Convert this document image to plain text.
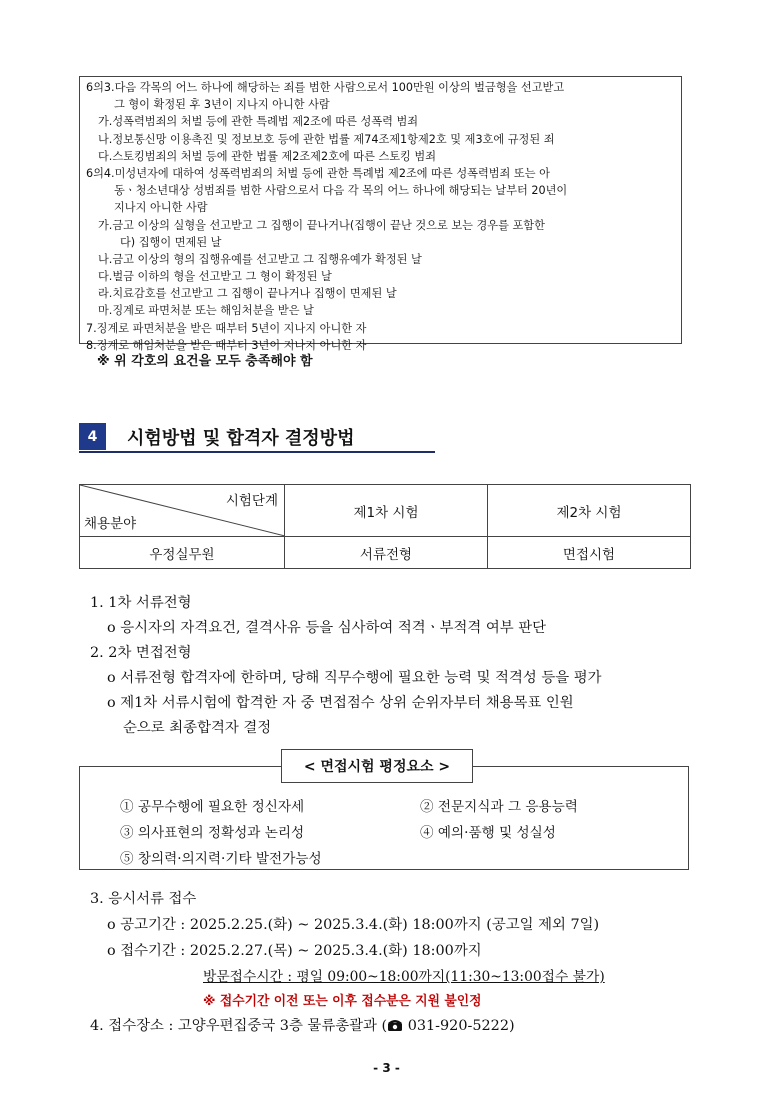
6의3.다음 각목의 어느 하나에 해당하는 죄를 범한 사람으로서 100만원 이상의 벌금형을 선고받고
그 형이 확정된 후 3년이 지나지 아니한 사람
가.성폭력범죄의 처벌 등에 관한 특례법 제2조에 따른 성폭력 범죄
나.정보통신망 이용촉진 및 정보보호 등에 관한 법률 제74조제1항제2호 및 제3호에 규정된 죄
다.스토킹범죄의 처벌 등에 관한 법률 제2조제2호에 따른 스토킹 범죄
6의4.미성년자에 대하여 성폭력범죄의 처벌 등에 관한 특례법 제2조에 따른 성폭력범죄 또는 아
동ㆍ청소년대상 성범죄를 범한 사람으로서 다음 각 목의 어느 하나에 해당되는 날부터 20년이
지나지 아니한 사람
가.금고 이상의 실형을 선고받고 그 집행이 끝나거나(집행이 끝난 것으로 보는 경우를 포함한
다) 집행이 면제된 날
나.금고 이상의 형의 집행유예를 선고받고 그 집행유예가 확정된 날
다.벌금 이하의 형을 선고받고 그 형이 확정된 날
라.치료감호를 선고받고 그 집행이 끝나거나 집행이 면제된 날
마.징계로 파면처분 또는 해임처분을 받은 날
7.징계로 파면처분을 받은 때부터 5년이 지나지 아니한 자
8.징계로 해임처분을 받은 때부터 3년이 지나지 아니한 자
※ 위 각호의 요건을 모두 충족해야 함
4	시험방법 및 합격자 결정방법
시험단계
채용분야	제1차 시험	제2차 시험
우정실무원	서류전형	면접시험
1. 1차 서류전형
o 응시자의 자격요건, 결격사유 등을 심사하여 적격ㆍ부적격 여부 판단
2. 2차 면접전형
o 서류전형 합격자에 한하며, 당해 직무수행에 필요한 능력 및 적격성 등을 평가
o 제1차 서류시험에 합격한 자 중 면접점수 상위 순위자부터 채용목표 인원
순으로 최종합격자 결정
< 면접시험 평정요소 >
① 공무수행에 필요한 정신자세	② 전문지식과 그 응용능력
③ 의사표현의 정확성과 논리성	④ 예의·품행 및 성실성
⑤ 창의력·의지력·기타 발전가능성
3. 응시서류 접수
o 공고기간 : 2025.2.25.(화) ~ 2025.3.4.(화) 18:00까지 (공고일 제외 7일)
o 접수기간 : 2025.2.27.(목) ~ 2025.3.4.(화) 18:00까지
방문접수시간 : 평일 09:00~18:00까지(11:30~13:00접수 불가)
※ 접수기간 이전 또는 이후 접수분은 지원 불인정
4. 접수장소 : 고양우편집중국 3층 물류총괄과 ( 031-920-5222)
- 3 -
